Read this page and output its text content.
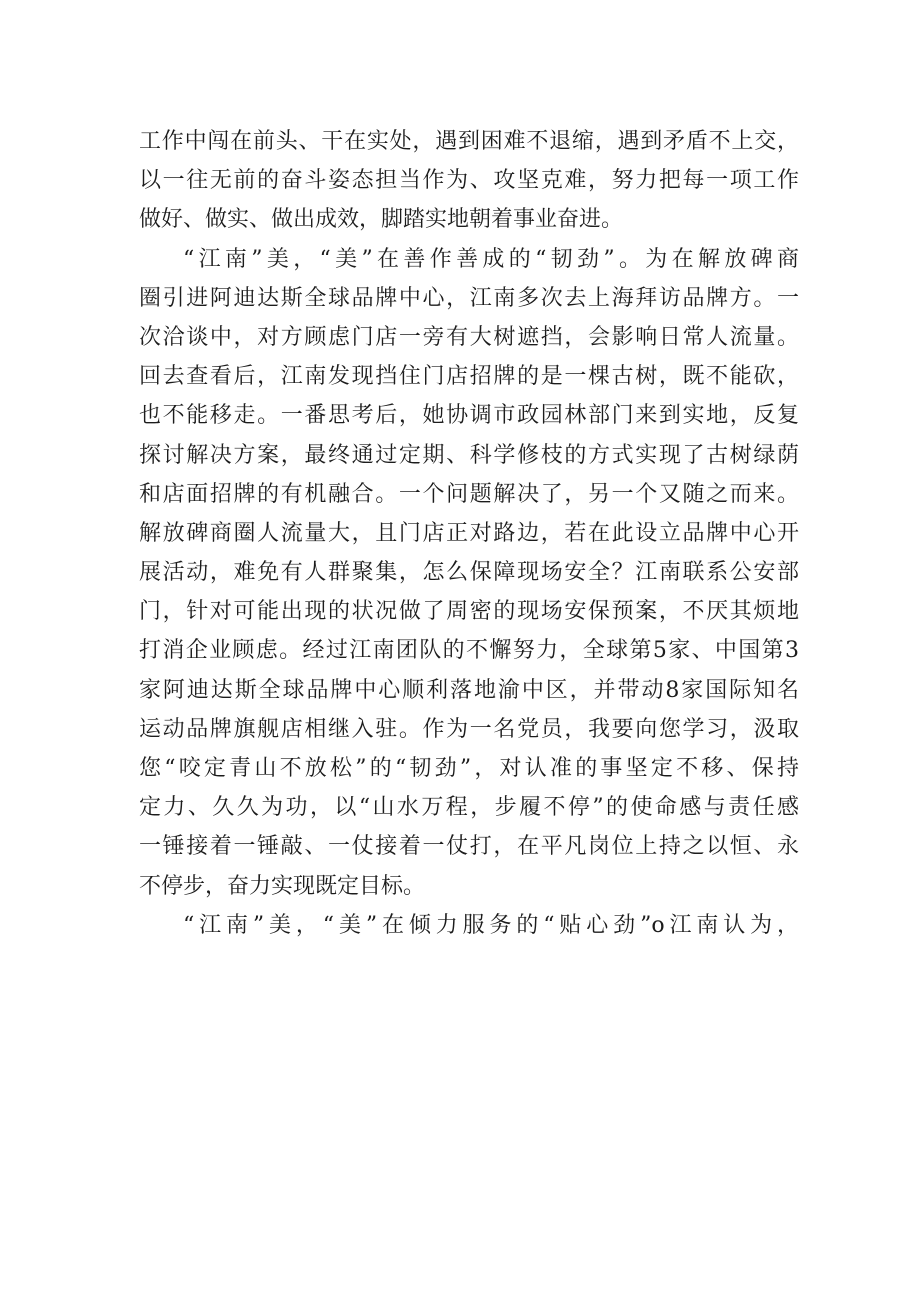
工作中闯在前头、干在实处，遇到困难不退缩，遇到矛盾不上交，
以一往无前的奋斗姿态担当作为、攻坚克难，努力把每一项工作
做好、做实、做出成效，脚踏实地朝着事业奋进。
“江南”美，“美”在善作善成的“韧劲”。为在解放碑商
圈引进阿迪达斯全球品牌中心，江南多次去上海拜访品牌方。一
次洽谈中，对方顾虑门店一旁有大树遮挡，会影响日常人流量。
回去查看后，江南发现挡住门店招牌的是一棵古树，既不能砍，
也不能移走。一番思考后，她协调市政园林部门来到实地，反复
探讨解决方案，最终通过定期、科学修枝的方式实现了古树绿荫
和店面招牌的有机融合。一个问题解决了，另一个又随之而来。
解放碑商圈人流量大，且门店正对路边，若在此设立品牌中心开
展活动，难免有人群聚集，怎么保障现场安全？江南联系公安部
门，针对可能出现的状况做了周密的现场安保预案，不厌其烦地
打消企业顾虑。经过江南团队的不懈努力，全球第5家、中国第3
家阿迪达斯全球品牌中心顺利落地渝中区，并带动8家国际知名
运动品牌旗舰店相继入驻。作为一名党员，我要向您学习，汲取
您“咬定青山不放松”的“韧劲”，对认准的事坚定不移、保持
定力、久久为功，以“山水万程，步履不停”的使命感与责任感
一锤接着一锤敲、一仗接着一仗打，在平凡岗位上持之以恒、永
不停步，奋力实现既定目标。
“江南”美，“美”在倾力服务的“贴心劲”o江南认为，
